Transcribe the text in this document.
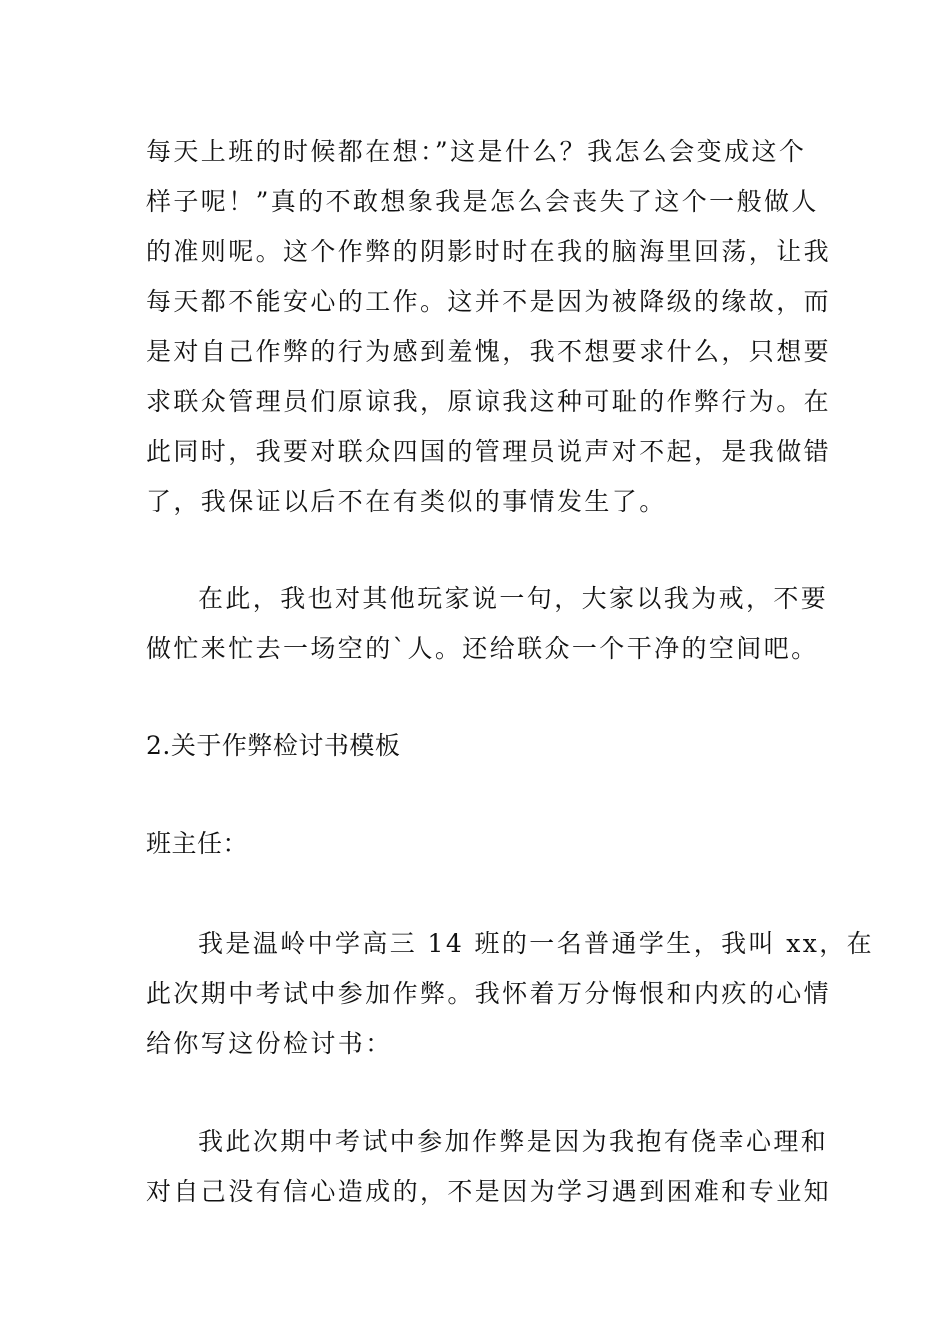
每天上班的时候都在想：”这是什么？我怎么会变成这个

样子呢！”真的不敢想象我是怎么会丧失了这个一般做人

的准则呢。这个作弊的阴影时时在我的脑海里回荡，让我

每天都不能安心的工作。这并不是因为被降级的缘故，而

是对自己作弊的行为感到羞愧，我不想要求什么，只想要

求联众管理员们原谅我，原谅我这种可耻的作弊行为。在

此同时，我要对联众四国的管理员说声对不起，是我做错

了，我保证以后不在有类似的事情发生了。

在此，我也对其他玩家说一句，大家以我为戒，不要

做忙来忙去一场空的`人。还给联众一个干净的空间吧。

2.关于作弊检讨书模板

班主任：

我是温岭中学高三 14 班的一名普通学生，我叫 xx，在

此次期中考试中参加作弊。我怀着万分悔恨和内疚的心情

给你写这份检讨书：

我此次期中考试中参加作弊是因为我抱有侥幸心理和

对自己没有信心造成的，不是因为学习遇到困难和专业知
